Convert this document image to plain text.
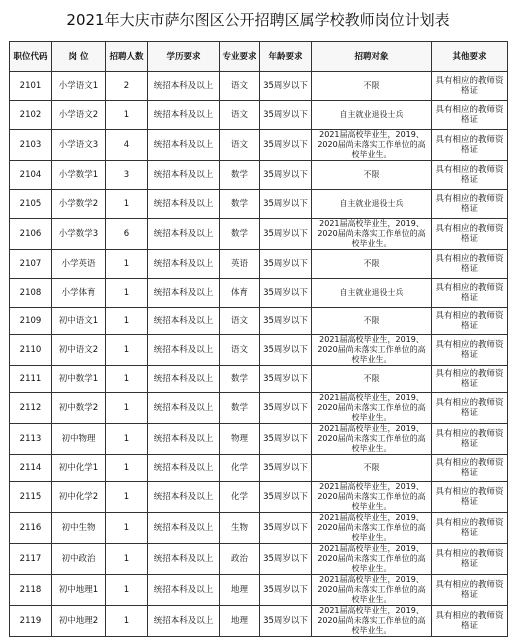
2021年大庆市萨尔图区公开招聘区属学校教师岗位计划表
职位代码	岗 位	招聘人数	学历要求	专业要求	年龄要求	招聘对象	其他要求
2101	小学语文1	2	统招本科及以上	语文	35周岁以下	不限	具有相应的教师资格证
2102	小学语文2	1	统招本科及以上	语文	35周岁以下	自主就业退役士兵	具有相应的教师资格证
2103	小学语文3	4	统招本科及以上	语文	35周岁以下	2021届高校毕业生，2019、2020届尚未落实工作单位的高校毕业生。	具有相应的教师资格证
2104	小学数学1	3	统招本科及以上	数学	35周岁以下	不限	具有相应的教师资格证
2105	小学数学2	1	统招本科及以上	数学	35周岁以下	自主就业退役士兵	具有相应的教师资格证
2106	小学数学3	6	统招本科及以上	数学	35周岁以下	2021届高校毕业生，2019、2020届尚未落实工作单位的高校毕业生。	具有相应的教师资格证
2107	小学英语	1	统招本科及以上	英语	35周岁以下	不限	具有相应的教师资格证
2108	小学体育	1	统招本科及以上	体育	35周岁以下	自主就业退役士兵	具有相应的教师资格证
2109	初中语文1	1	统招本科及以上	语文	35周岁以下	不限	具有相应的教师资格证
2110	初中语文2	1	统招本科及以上	语文	35周岁以下	2021届高校毕业生，2019、2020届尚未落实工作单位的高校毕业生。	具有相应的教师资格证
2111	初中数学1	1	统招本科及以上	数学	35周岁以下	不限	具有相应的教师资格证
2112	初中数学2	1	统招本科及以上	数学	35周岁以下	2021届高校毕业生，2019、2020届尚未落实工作单位的高校毕业生。	具有相应的教师资格证
2113	初中物理	1	统招本科及以上	物理	35周岁以下	2021届高校毕业生，2019、2020届尚未落实工作单位的高校毕业生。	具有相应的教师资格证
2114	初中化学1	1	统招本科及以上	化学	35周岁以下	不限	具有相应的教师资格证
2115	初中化学2	1	统招本科及以上	化学	35周岁以下	2021届高校毕业生，2019、2020届尚未落实工作单位的高校毕业生。	具有相应的教师资格证
2116	初中生物	1	统招本科及以上	生物	35周岁以下	2021届高校毕业生，2019、2020届尚未落实工作单位的高校毕业生。	具有相应的教师资格证
2117	初中政治	1	统招本科及以上	政治	35周岁以下	2021届高校毕业生，2019、2020届尚未落实工作单位的高校毕业生。	具有相应的教师资格证
2118	初中地理1	1	统招本科及以上	地理	35周岁以下	2021届高校毕业生，2019、2020届尚未落实工作单位的高校毕业生。	具有相应的教师资格证
2119	初中地理2	1	统招本科及以上	地理	35周岁以下	2021届高校毕业生，2019、2020届尚未落实工作单位的高校毕业生。	具有相应的教师资格证
